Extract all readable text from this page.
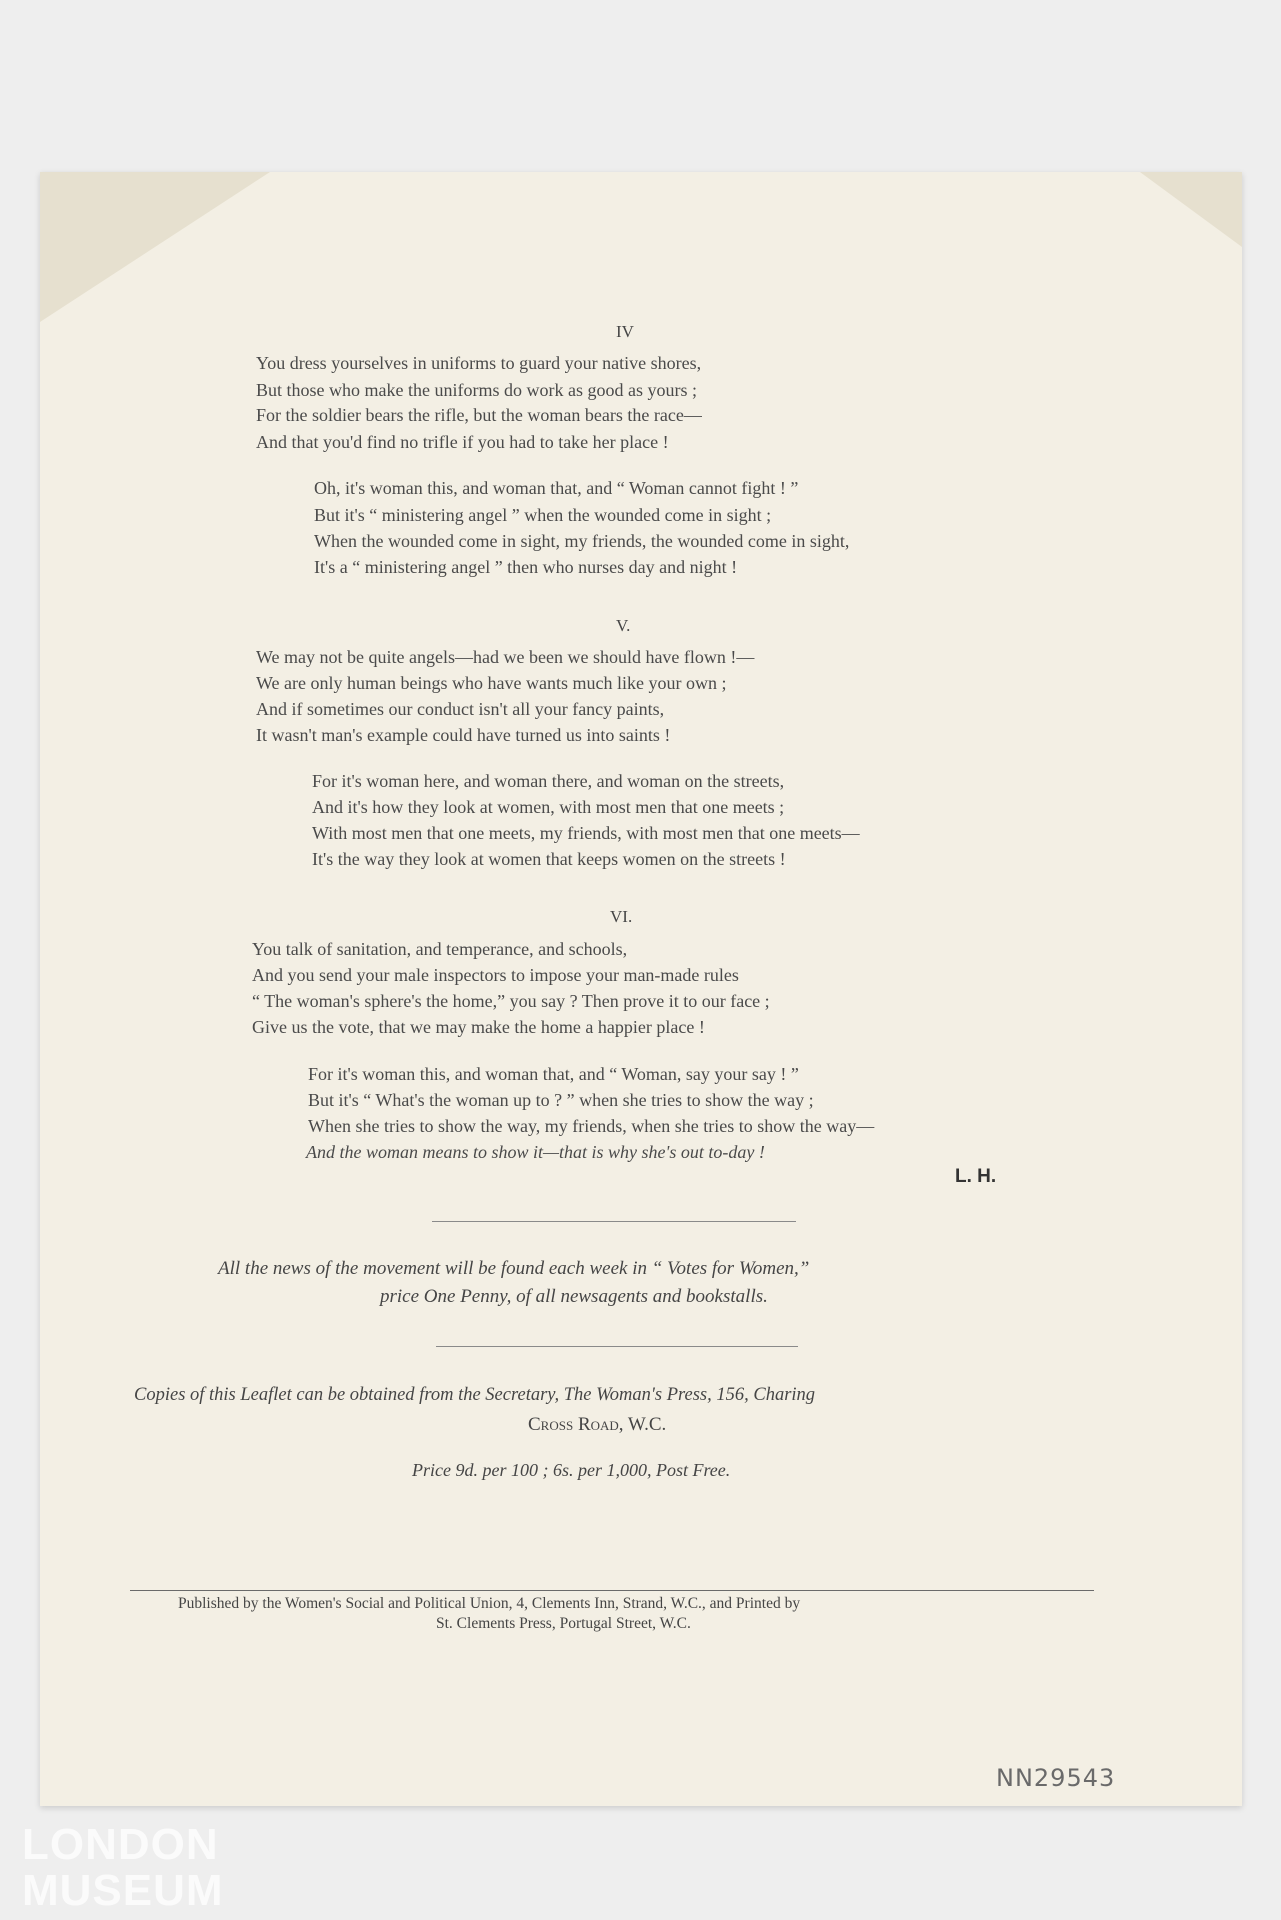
IV
You dress yourselves in uniforms to guard your native shores,
But those who make the uniforms do work as good as yours ;
For the soldier bears the rifle, but the woman bears the race—
And that you'd find no trifle if you had to take her place !
Oh, it's woman this, and woman that, and “ Woman cannot fight ! ”
But it's “ ministering angel ” when the wounded come in sight ;
When the wounded come in sight, my friends, the wounded come in sight,
It's a “ ministering angel ” then who nurses day and night !
V.
We may not be quite angels—had we been we should have flown !—
We are only human beings who have wants much like your own ;
And if sometimes our conduct isn't all your fancy paints,
It wasn't man's example could have turned us into saints !
For it's woman here, and woman there, and woman on the streets,
And it's how they look at women, with most men that one meets ;
With most men that one meets, my friends, with most men that one meets—
It's the way they look at women that keeps women on the streets !
VI.
You talk of sanitation, and temperance, and schools,
And you send your male inspectors to impose your man-made rules
“ The woman's sphere's the home,” you say ? Then prove it to our face ;
Give us the vote, that we may make the home a happier place !
For it's woman this, and woman that, and “ Woman, say your say ! ”
But it's “ What's the woman up to ? ” when she tries to show the way ;
When she tries to show the way, my friends, when she tries to show the way—
And the woman means to show it—that is why she's out to-day !
L. H.
All the news of the movement will be found each week in “ Votes for Women,”
price One Penny, of all newsagents and bookstalls.
Copies of this Leaflet can be obtained from the Secretary, The Woman's Press, 156, Charing
Cross Road, W.C.
Price 9d. per 100 ; 6s. per 1,000, Post Free.
Published by the Women's Social and Political Union, 4, Clements Inn, Strand, W.C., and Printed by
St. Clements Press, Portugal Street, W.C.
NN29543
LONDON
MUSEUM
